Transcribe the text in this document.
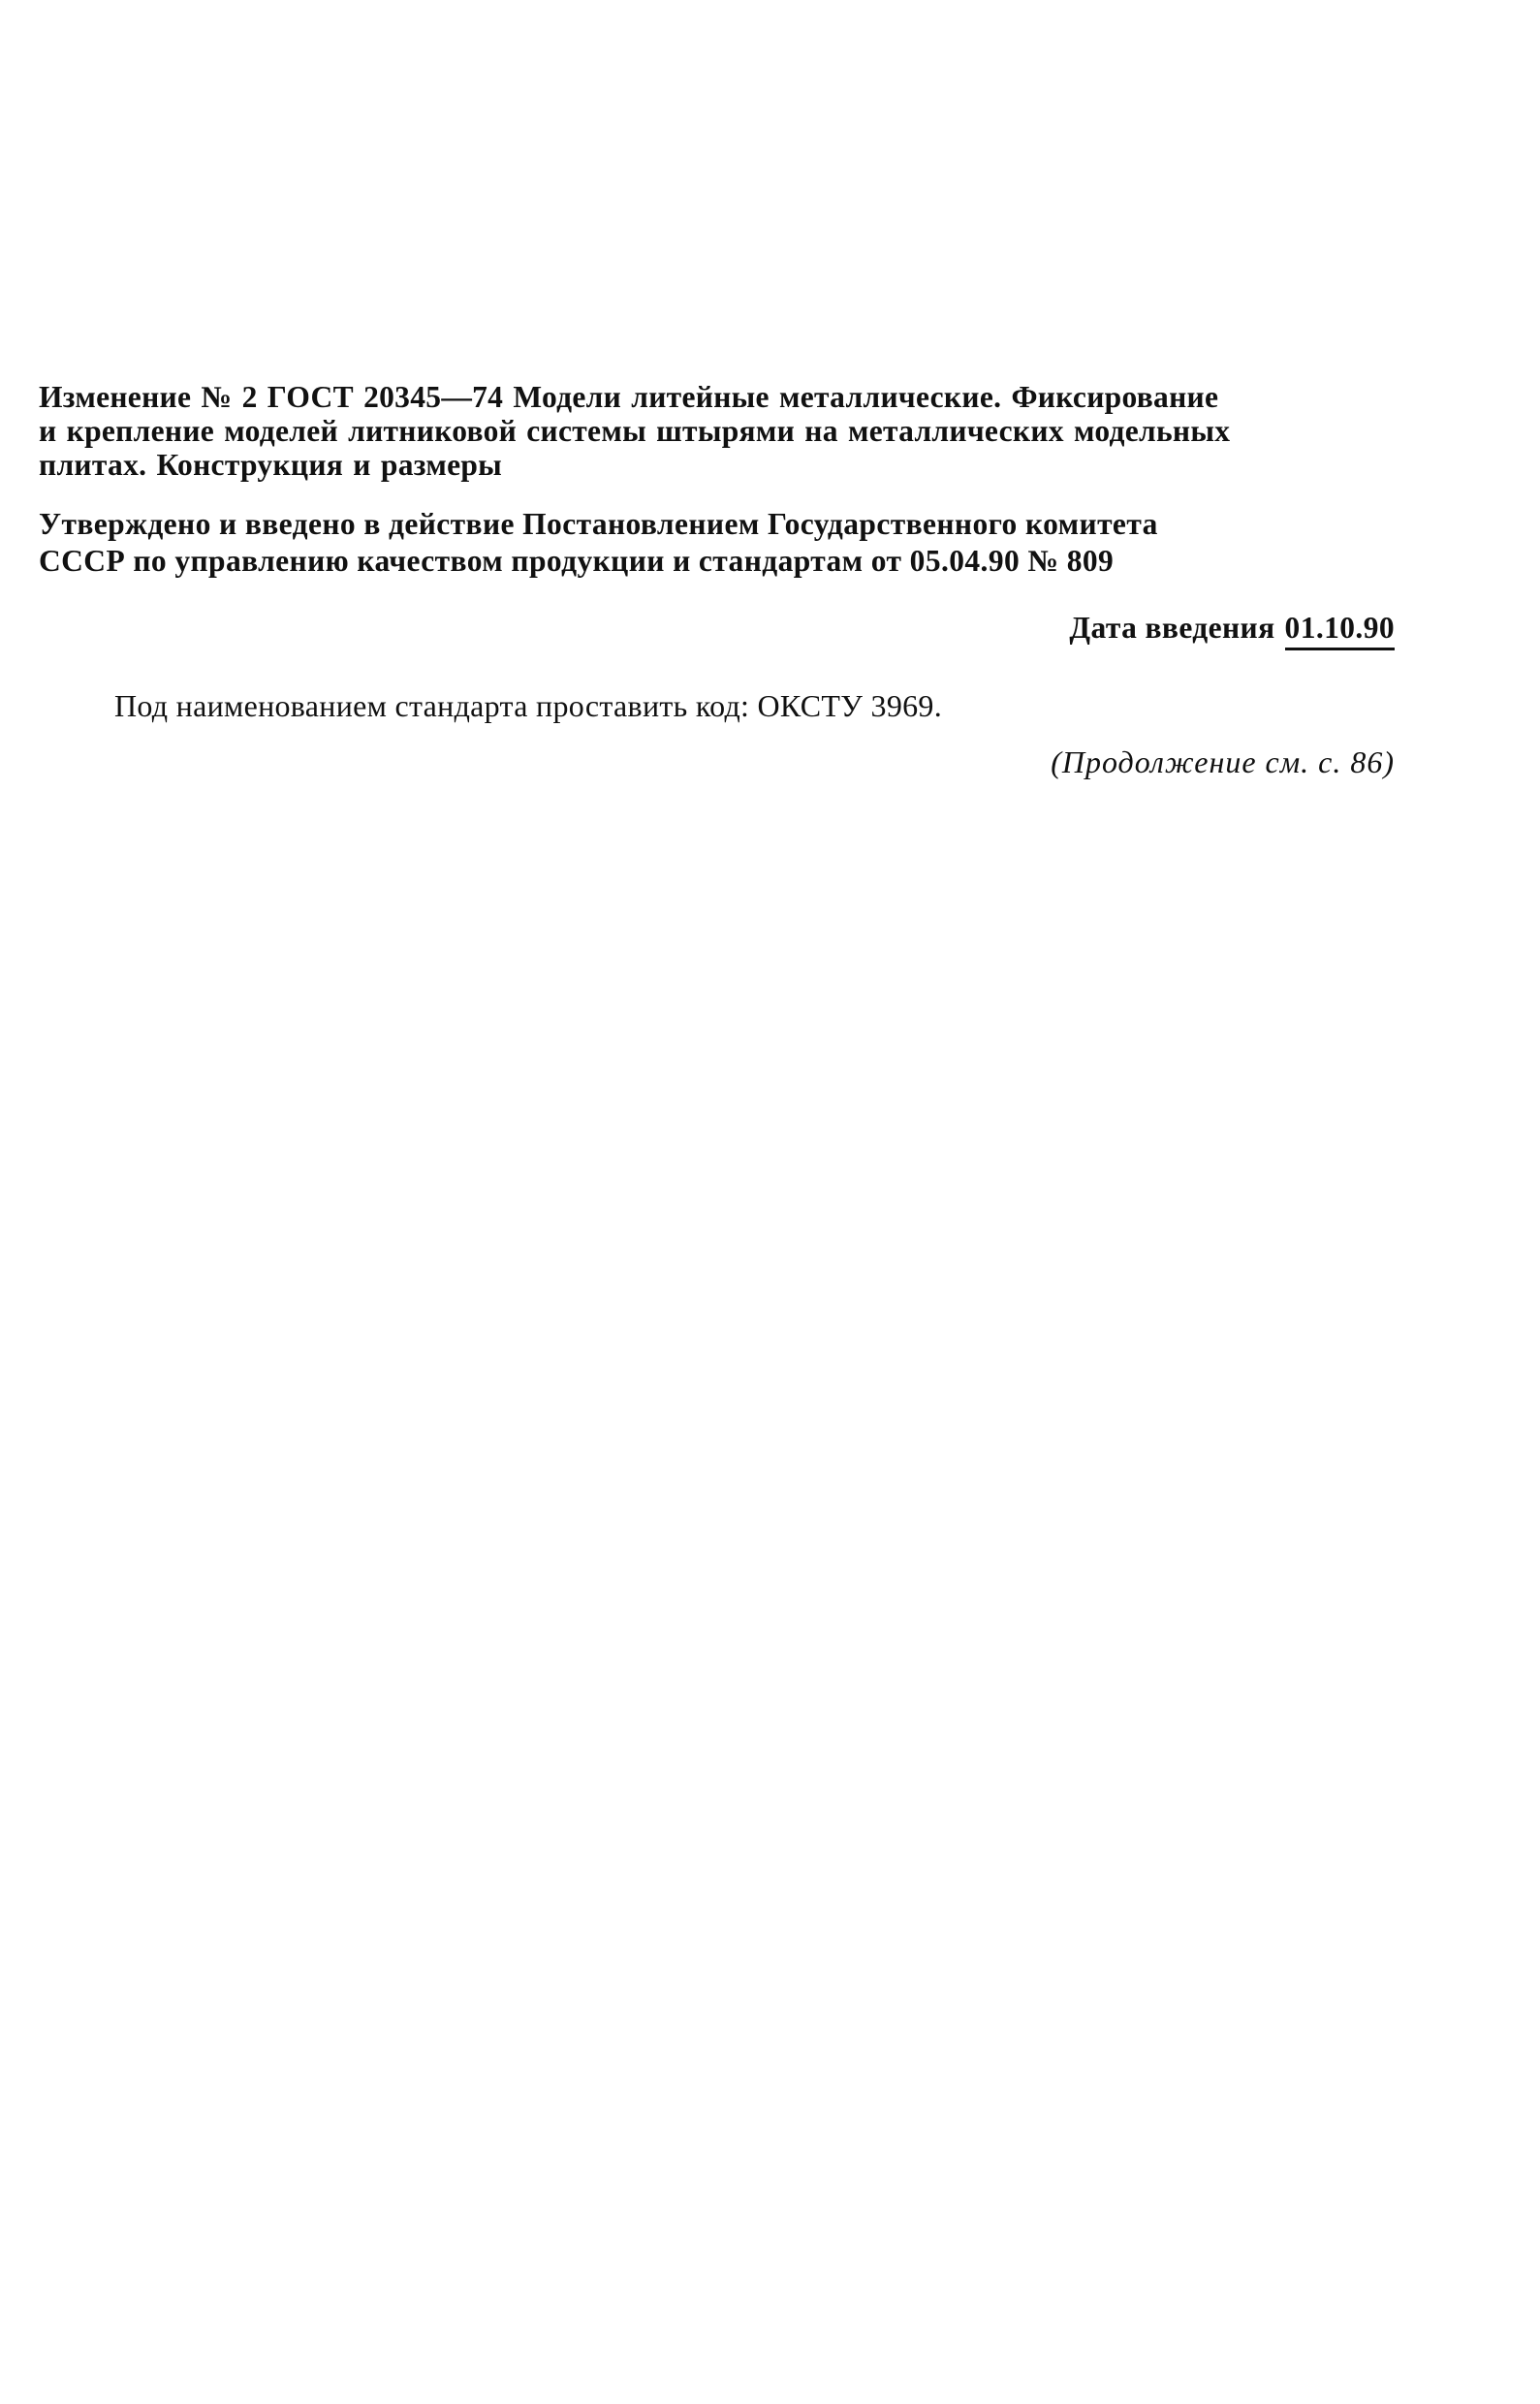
Изменение № 2 ГОСТ 20345—74 Модели литейные металлические. Фиксирование
и крепление моделей литниковой системы штырями на металлических модельных
плитах. Конструкция и размеры
Утверждено и введено в действие Постановлением Государственного комитета
СССР по управлению качеством продукции и стандартам от 05.04.90 № 809
Дата введения 01.10.90
Под наименованием стандарта проставить код: ОКСТУ 3969.
(Продолжение см. с. 86)
